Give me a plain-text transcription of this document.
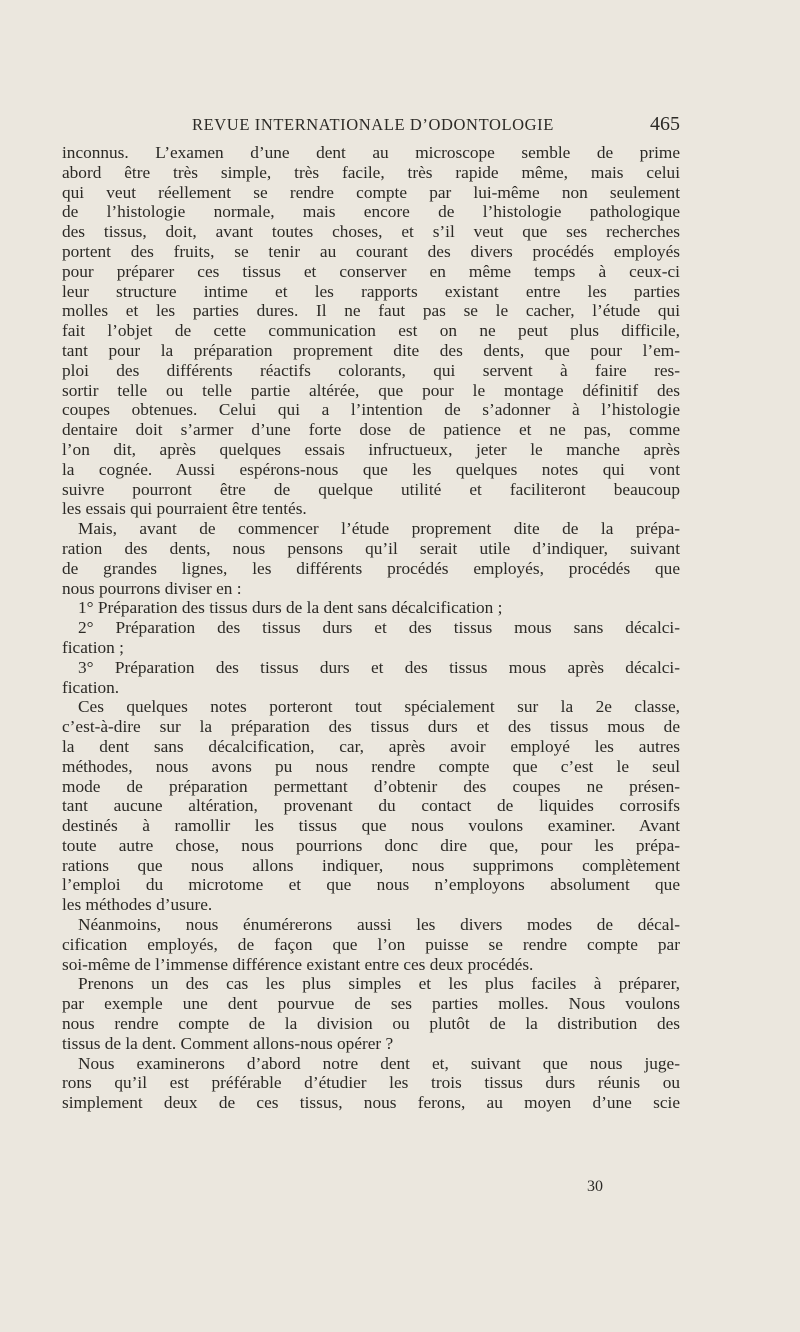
REVUE INTERNATIONALE D’ODONTOLOGIE	465
inconnus. L’examen d’une dent au microscope semble de prime
abord être très simple, très facile, très rapide même, mais celui
qui veut réellement se rendre compte par lui-même non seulement
de l’histologie normale, mais encore de l’histologie pathologique
des tissus, doit, avant toutes choses, et s’il veut que ses recherches
portent des fruits, se tenir au courant des divers procédés employés
pour préparer ces tissus et conserver en même temps à ceux-ci
leur structure intime et les rapports existant entre les parties
molles et les parties dures. Il ne faut pas se le cacher, l’étude qui
fait l’objet de cette communication est on ne peut plus difficile,
tant pour la préparation proprement dite des dents, que pour l’em-
ploi des différents réactifs colorants, qui servent à faire res-
sortir telle ou telle partie altérée, que pour le montage définitif des
coupes obtenues. Celui qui a l’intention de s’adonner à l’histologie
dentaire doit s’armer d’une forte dose de patience et ne pas, comme
l’on dit, après quelques essais infructueux, jeter le manche après
la cognée. Aussi espérons-nous que les quelques notes qui vont
suivre pourront être de quelque utilité et faciliteront beaucoup
les essais qui pourraient être tentés.
Mais, avant de commencer l’étude proprement dite de la prépa-
ration des dents, nous pensons qu’il serait utile d’indiquer, suivant
de grandes lignes, les différents procédés employés, procédés que
nous pourrons diviser en :
1° Préparation des tissus durs de la dent sans décalcification ;
2° Préparation des tissus durs et des tissus mous sans décalci-
fication ;
3° Préparation des tissus durs et des tissus mous après décalci-
fication.
Ces quelques notes porteront tout spécialement sur la 2e classe,
c’est-à-dire sur la préparation des tissus durs et des tissus mous de
la dent sans décalcification, car, après avoir employé les autres
méthodes, nous avons pu nous rendre compte que c’est le seul
mode de préparation permettant d’obtenir des coupes ne présen-
tant aucune altération, provenant du contact de liquides corrosifs
destinés à ramollir les tissus que nous voulons examiner. Avant
toute autre chose, nous pourrions donc dire que, pour les prépa-
rations que nous allons indiquer, nous supprimons complètement
l’emploi du microtome et que nous n’employons absolument que
les méthodes d’usure.
Néanmoins, nous énumérerons aussi les divers modes de décal-
cification employés, de façon que l’on puisse se rendre compte par
soi-même de l’immense différence existant entre ces deux procédés.
Prenons un des cas les plus simples et les plus faciles à préparer,
par exemple une dent pourvue de ses parties molles. Nous voulons
nous rendre compte de la division ou plutôt de la distribution des
tissus de la dent. Comment allons-nous opérer ?
Nous examinerons d’abord notre dent et, suivant que nous juge-
rons qu’il est préférable d’étudier les trois tissus durs réunis ou
simplement deux de ces tissus, nous ferons, au moyen d’une scie
30
